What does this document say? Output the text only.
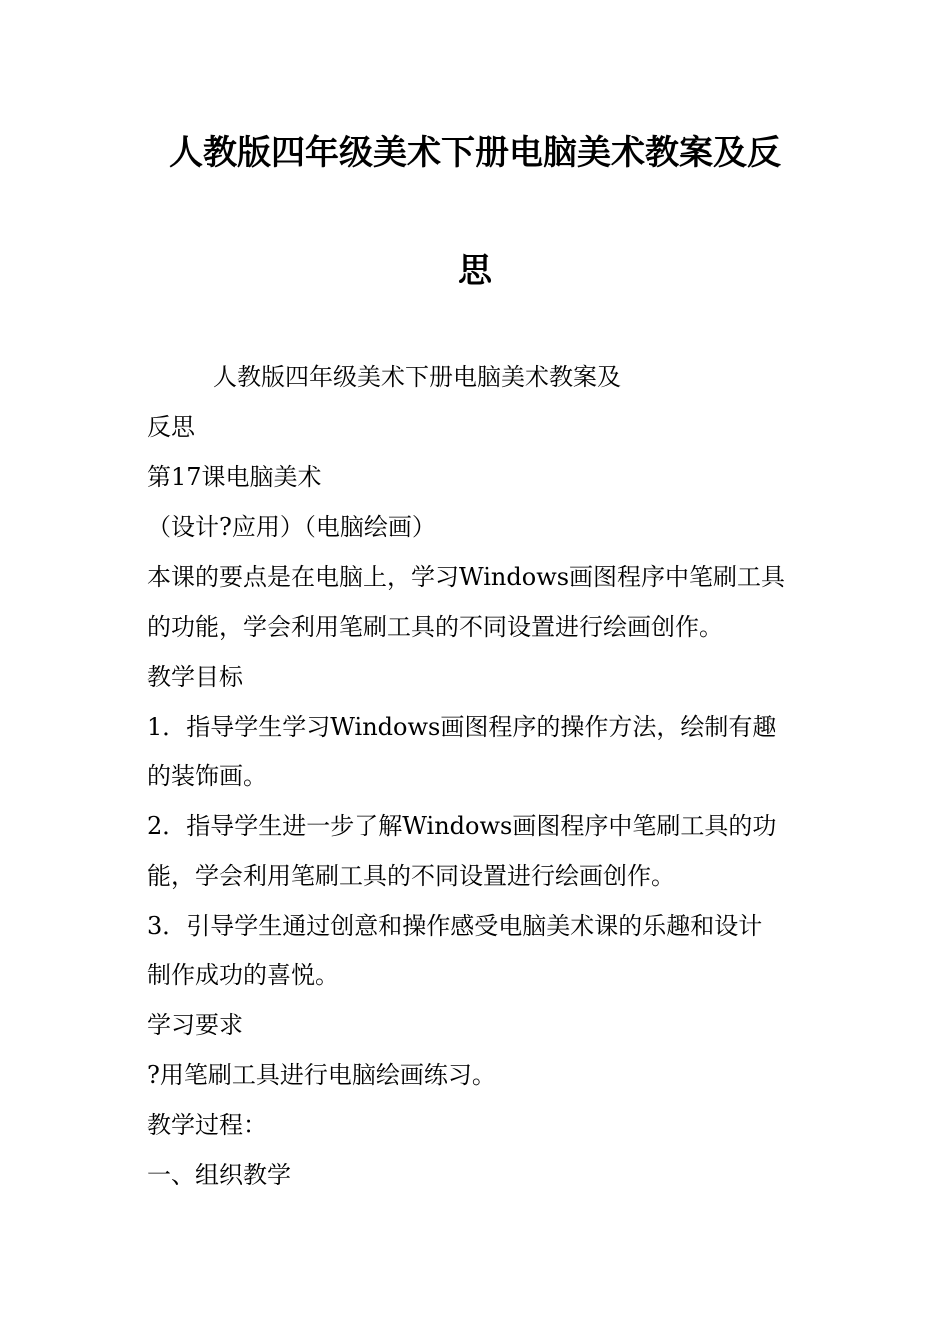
人教版四年级美术下册电脑美术教案及反
思

人教版四年级美术下册电脑美术教案及

反思

第17课电脑美术

（设计?应用）（电脑绘画）

本课的要点是在电脑上，学习Windows画图程序中笔刷工具

的功能，学会利用笔刷工具的不同设置进行绘画创作。

教学目标

1．指导学生学习Windows画图程序的操作方法，绘制有趣

的装饰画。

2．指导学生进一步了解Windows画图程序中笔刷工具的功

能，学会利用笔刷工具的不同设置进行绘画创作。

3．引导学生通过创意和操作感受电脑美术课的乐趣和设计

制作成功的喜悦。

学习要求

?用笔刷工具进行电脑绘画练习。

教学过程：

一、组织教学
